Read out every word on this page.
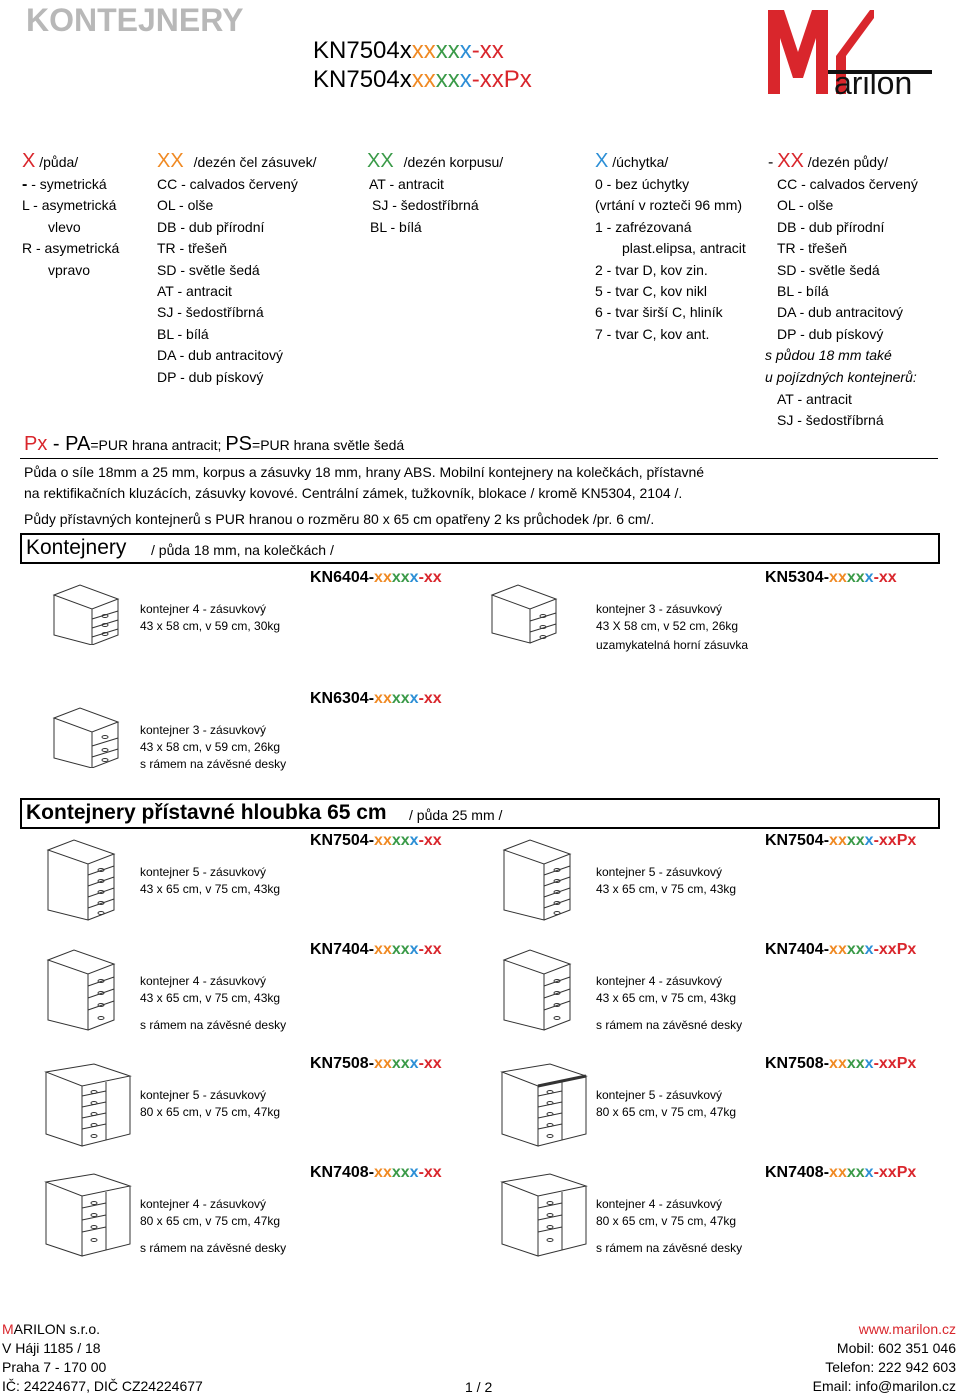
KONTEJNERY
KN7504xxxxxx-xx
KN7504xxxxxx-xxPx	arilon
X /půda/
- - symetrická
L - asymetrická
vlevo
R - asymetrická
vpravo
XX /dezén čel zásuvek/
CC - calvados červený
OL - olše
DB - dub přírodní
TR - třešeň
SD - světle šedá
AT - antracit
SJ - šedostříbrná
BL - bílá
DA - dub antracitový
DP - dub pískový
XX /dezén korpusu/
AT - antracit
SJ - šedostříbrná
BL - bílá
X /úchytka/
0 - bez úchytky
(vrtání v rozteči 96 mm)
1 - zafrézovaná
plast.elipsa, antracit
2 - tvar D, kov zin.
5 - tvar C, kov nikl
6 - tvar širší C, hliník
7 - tvar C, kov ant.
- XX /dezén půdy/
CC - calvados červený
OL - olše
DB - dub přírodní
TR - třešeň
SD - světle šedá
BL - bílá
DA - dub antracitový
DP - dub pískový
s půdou 18 mm také
u pojízdných kontejnerů:
AT - antracit
SJ - šedostříbrná
Px - PA=PUR hrana antracit; PS=PUR hrana světle šedá
Půda o síle 18mm a 25 mm, korpus a zásuvky 18 mm, hrany ABS. Mobilní kontejnery na kolečkách, přístavné
na rektifikačních kluzácích, zásuvky kovové. Centrální zámek, tužkovník, blokace / kromě KN5304, 2104 /.
Půdy přístavných kontejnerů s PUR hranou o rozměru 80 x 65 cm opatřeny 2 ks průchodek /pr. 6 cm/.
Kontejnery / půda 18 mm, na kolečkách /
Kontejnery přístavné hloubka 65 cm / půda 25 mm /
KN6404-xxxxx-xx	KN5304-xxxxx-xx
KN6304-xxxxx-xx
KN7504-xxxxx-xx	KN7504-xxxxx-xxPx
KN7404-xxxxx-xx	KN7404-xxxxx-xxPx
KN7508-xxxxx-xx	KN7508-xxxxx-xxPx
KN7408-xxxxx-xx	KN7408-xxxxx-xxPx
kontejner 4 - zásuvkový
43 x 58 cm, v 59 cm, 30kg
kontejner 3 - zásuvkový
43 X 58 cm, v 52 cm, 26kg
uzamykatelná horní zásuvka
kontejner 3 - zásuvkový
43 x 58 cm, v 59 cm, 26kg
s rámem na závěsné desky
kontejner 5 - zásuvkový
43 x 65 cm, v 75 cm, 43kg
kontejner 5 - zásuvkový
43 x 65 cm, v 75 cm, 43kg
kontejner 4 - zásuvkový
43 x 65 cm, v 75 cm, 43kg
s rámem na závěsné desky
kontejner 4 - zásuvkový
43 x 65 cm, v 75 cm, 43kg
s rámem na závěsné desky
kontejner 5 - zásuvkový
80 x 65 cm, v 75 cm, 47kg
kontejner 5 - zásuvkový
80 x 65 cm, v 75 cm, 47kg
kontejner 4 - zásuvkový
80 x 65 cm, v 75 cm, 47kg
s rámem na závěsné desky
kontejner 4 - zásuvkový
80 x 65 cm, v 75 cm, 47kg
s rámem na závěsné desky
MARILON s.r.o.
V Háji 1185 / 18
Praha 7 - 170 00
IČ: 24224677, DIČ CZ24224677	1 / 2
www.marilon.cz
Mobil: 602 351 046
Telefon: 222 942 603
Email: info@marilon.cz
